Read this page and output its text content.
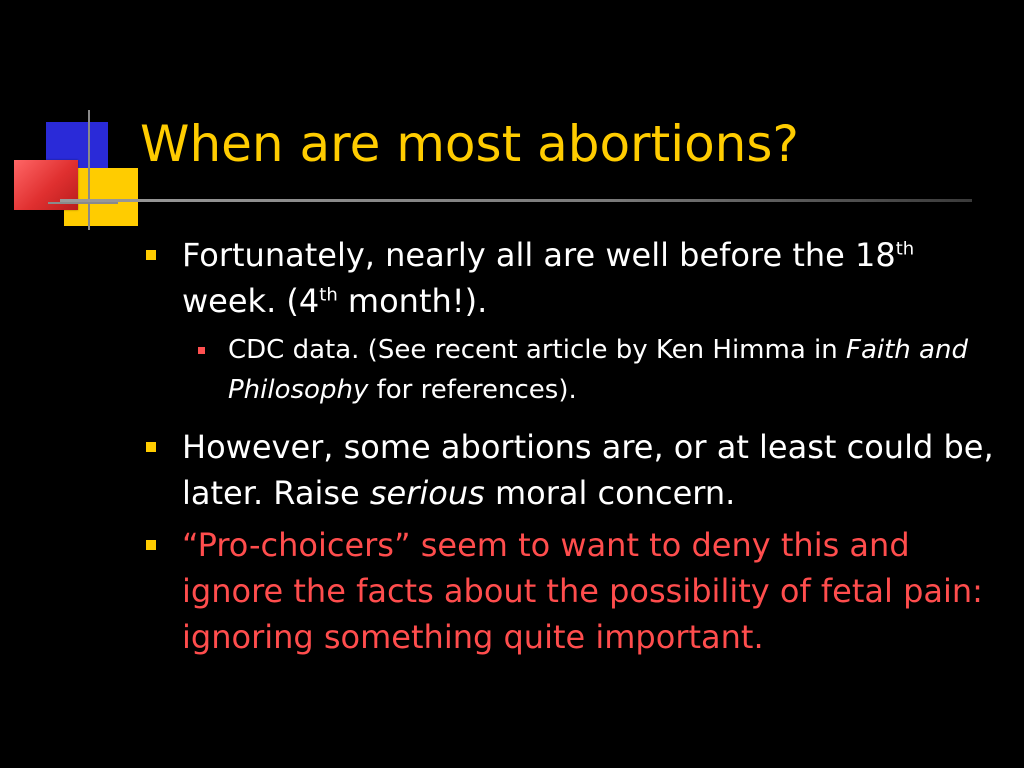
When are most abortions?
Fortunately, nearly all are well before the 18th week. (4th month!).
CDC data. (See recent article by Ken Himma in Faith and Philosophy for references).
However, some abortions are, or at least could be, later. Raise serious moral concern.
“Pro-choicers” seem to want to deny this and ignore the facts about the possibility of fetal pain: ignoring something quite important.
